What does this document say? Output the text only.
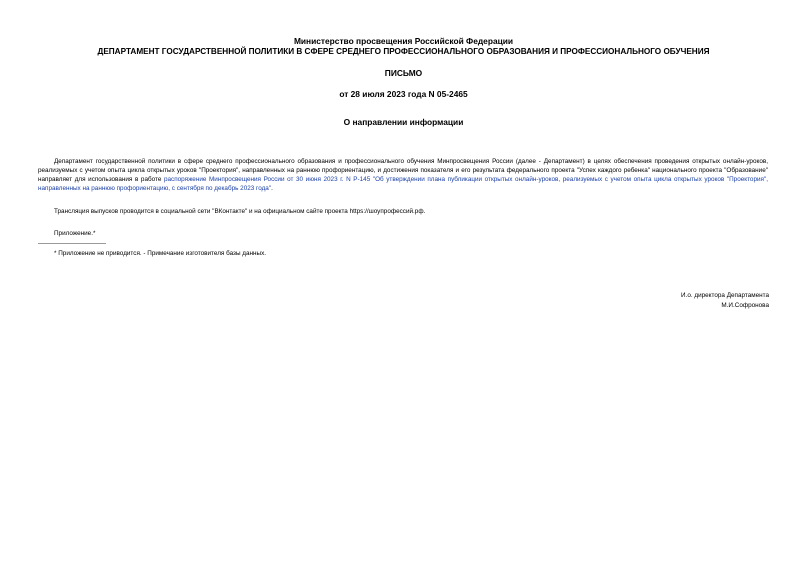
Министерство просвещения Российской Федерации
ДЕПАРТАМЕНТ ГОСУДАРСТВЕННОЙ ПОЛИТИКИ В СФЕРЕ СРЕДНЕГО ПРОФЕССИОНАЛЬНОГО ОБРАЗОВАНИЯ И ПРОФЕССИОНАЛЬНОГО ОБУЧЕНИЯ
ПИСЬМО
от 28 июля 2023 года N 05-2465
О направлении информации
Департамент государственной политики в сфере среднего профессионального образования и профессионального обучения Минпросвещения России (далее - Департамент) в целях обеспечения проведения открытых онлайн-уроков, реализуемых с учетом опыта цикла открытых уроков "Проектория", направленных на раннюю профориентацию, и достижения показателя и его результата федерального проекта "Успех каждого ребенка" национального проекта "Образование" направляет для использования в работе распоряжение Минпросвещения России от 30 июня 2023 г. N Р-145 "Об утверждении плана публикации открытых онлайн-уроков, реализуемых с учетом опыта цикла открытых уроков "Проектория", направленных на раннюю профориентацию, с сентября по декабрь 2023 года".
Трансляция выпусков проводится в социальной сети "ВКонтакте" и на официальном сайте проекта https://шоупрофессий.рф.
Приложение.*
* Приложение не приводится. - Примечание изготовителя базы данных.
И.о. директора Департамента
М.И.Софронова
